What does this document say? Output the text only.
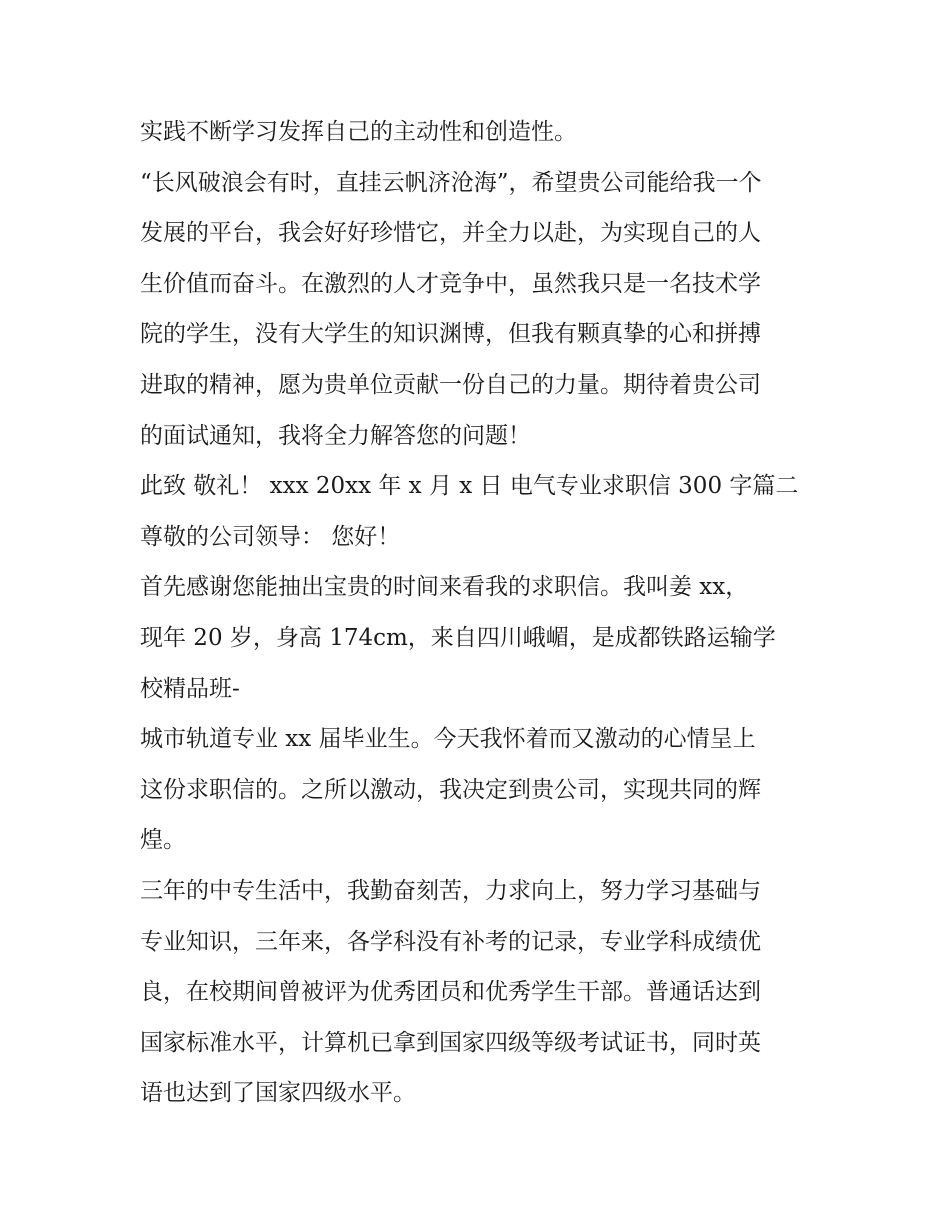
实践不断学习发挥自己的主动性和创造性。
“长风破浪会有时，直挂云帆济沧海”，希望贵公司能给我一个
发展的平台，我会好好珍惜它，并全力以赴，为实现自己的人
生价值而奋斗。在激烈的人才竞争中，虽然我只是一名技术学
院的学生，没有大学生的知识渊博，但我有颗真挚的心和拼搏
进取的精神，愿为贵单位贡献一份自己的力量。期待着贵公司
的面试通知，我将全力解答您的问题！
此致 敬礼！ xxx 20xx 年 x 月 x 日 电气专业求职信 300 字篇二
尊敬的公司领导： 您好！
首先感谢您能抽出宝贵的时间来看我的求职信。我叫姜 xx，
现年 20 岁，身高 174cm，来自四川峨嵋，是成都铁路运输学
校精品班-
城市轨道专业 xx 届毕业生。今天我怀着而又激动的心情呈上
这份求职信的。之所以激动，我决定到贵公司，实现共同的辉
煌。
三年的中专生活中，我勤奋刻苦，力求向上，努力学习基础与
专业知识，三年来，各学科没有补考的记录，专业学科成绩优
良，在校期间曾被评为优秀团员和优秀学生干部。普通话达到
国家标准水平，计算机已拿到国家四级等级考试证书，同时英
语也达到了国家四级水平。
